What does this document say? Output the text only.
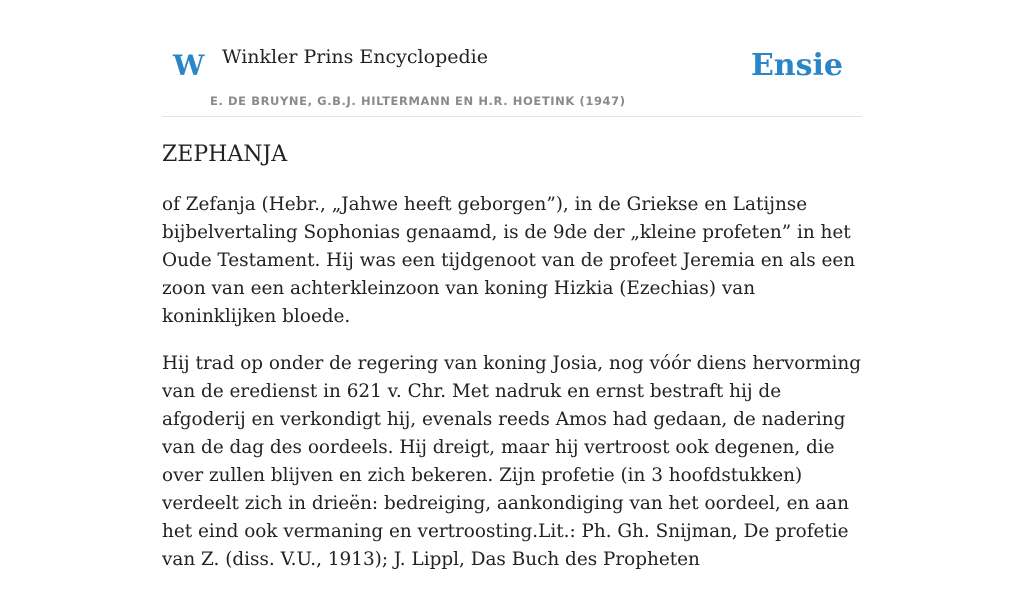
W Winkler Prins Encyclopedie
E. DE BRUYNE, G.B.J. HILTERMANN EN H.R. HOETINK (1947)
Ensie
ZEPHANJA

of Zefanja (Hebr., „Jahwe heeft geborgen”), in de Griekse en Latijnse bijbelvertaling Sophonias genaamd, is de 9de der „kleine profeten” in het Oude Testament. Hij was een tijdgenoot van de profeet Jeremia en als een zoon van een achterkleinzoon van koning Hizkia (Ezechias) van koninklijken bloede.

Hij trad op onder de regering van koning Josia, nog vóór diens hervorming van de eredienst in 621 v. Chr. Met nadruk en ernst bestraft hij de afgoderij en verkondigt hij, evenals reeds Amos had gedaan, de nadering van de dag des oordeels. Hij dreigt, maar hij vertroost ook degenen, die over zullen blijven en zich bekeren. Zijn profetie (in 3 hoofdstukken) verdeelt zich in drieën: bedreiging, aankondiging van het oordeel, en aan het eind ook vermaning en vertroosting.Lit.: Ph. Gh. Snijman, De profetie van Z. (diss. V.U., 1913); J. Lippl, Das Buch des Propheten
